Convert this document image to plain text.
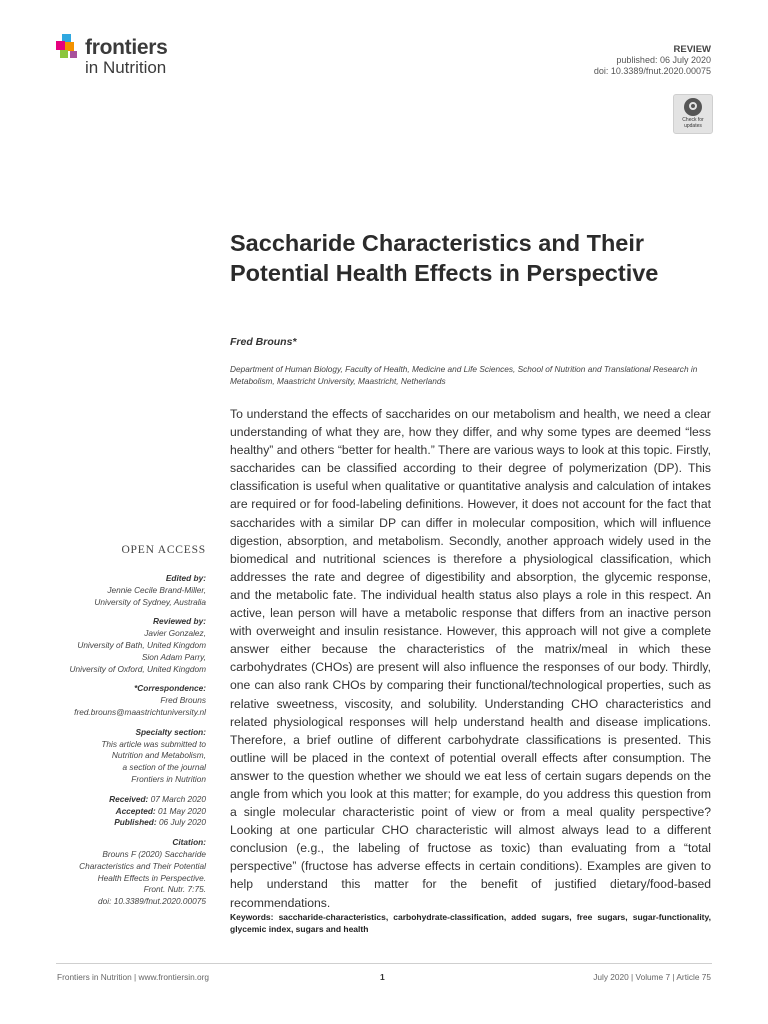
frontiers
in Nutrition
REVIEW
published: 06 July 2020
doi: 10.3389/fnut.2020.00075
Check for updates
Saccharide Characteristics and Their Potential Health Effects in Perspective
Fred Brouns*
Department of Human Biology, Faculty of Health, Medicine and Life Sciences, School of Nutrition and Translational Research in Metabolism, Maastricht University, Maastricht, Netherlands

To understand the effects of saccharides on our metabolism and health, we need a clear understanding of what they are, how they differ, and why some types are deemed “less healthy” and others “better for health.” There are various ways to look at this topic. Firstly, saccharides can be classified according to their degree of polymerization (DP). This classification is useful when qualitative or quantitative analysis and calculation of intakes are required or for food-labeling definitions. However, it does not account for the fact that saccharides with a similar DP can differ in molecular composition, which will influence digestion, absorption, and metabolism. Secondly, another approach widely used in the biomedical and nutritional sciences is therefore a physiological classification, which addresses the rate and degree of digestibility and absorption, the glycemic response, and the metabolic fate. The individual health status also plays a role in this respect. An active, lean person will have a metabolic response that differs from an inactive person with overweight and insulin resistance. However, this approach will not give a complete answer either because the characteristics of the matrix/meal in which these carbohydrates (CHOs) are present will also influence the responses of our body. Thirdly, one can also rank CHOs by comparing their functional/technological properties, such as relative sweetness, viscosity, and solubility. Understanding CHO characteristics and related physiological responses will help understand health and disease implications. Therefore, a brief outline of different carbohydrate classifications is presented. This outline will be placed in the context of potential overall effects after consumption. The answer to the question whether we should we eat less of certain sugars depends on the angle from which you look at this matter; for example, do you address this question from a single molecular characteristic point of view or from a meal quality perspective? Looking at one particular CHO characteristic will almost always lead to a different conclusion (e.g., the labeling of fructose as toxic) than evaluating from a “total perspective” (fructose has adverse effects in certain conditions). Examples are given to help understand this matter for the benefit of justified dietary/food-based recommendations.

Keywords: saccharide-characteristics, carbohydrate-classification, added sugars, free sugars, sugar-functionality, glycemic index, sugars and health
OPEN ACCESS
Edited by:
Jennie Cecile Brand-Miller,
University of Sydney, Australia
Reviewed by:
Javier Gonzalez,
University of Bath, United Kingdom
Sion Adam Parry,
University of Oxford, United Kingdom
*Correspondence:
Fred Brouns
fred.brouns@maastrichtuniversity.nl
Specialty section:
This article was submitted to
Nutrition and Metabolism,
a section of the journal
Frontiers in Nutrition
Received: 07 March 2020
Accepted: 01 May 2020
Published: 06 July 2020
Citation:
Brouns F (2020) Saccharide
Characteristics and Their Potential
Health Effects in Perspective.
Front. Nutr. 7:75.
doi: 10.3389/fnut.2020.00075
Frontiers in Nutrition | www.frontiersin.org	1	July 2020 | Volume 7 | Article 75
